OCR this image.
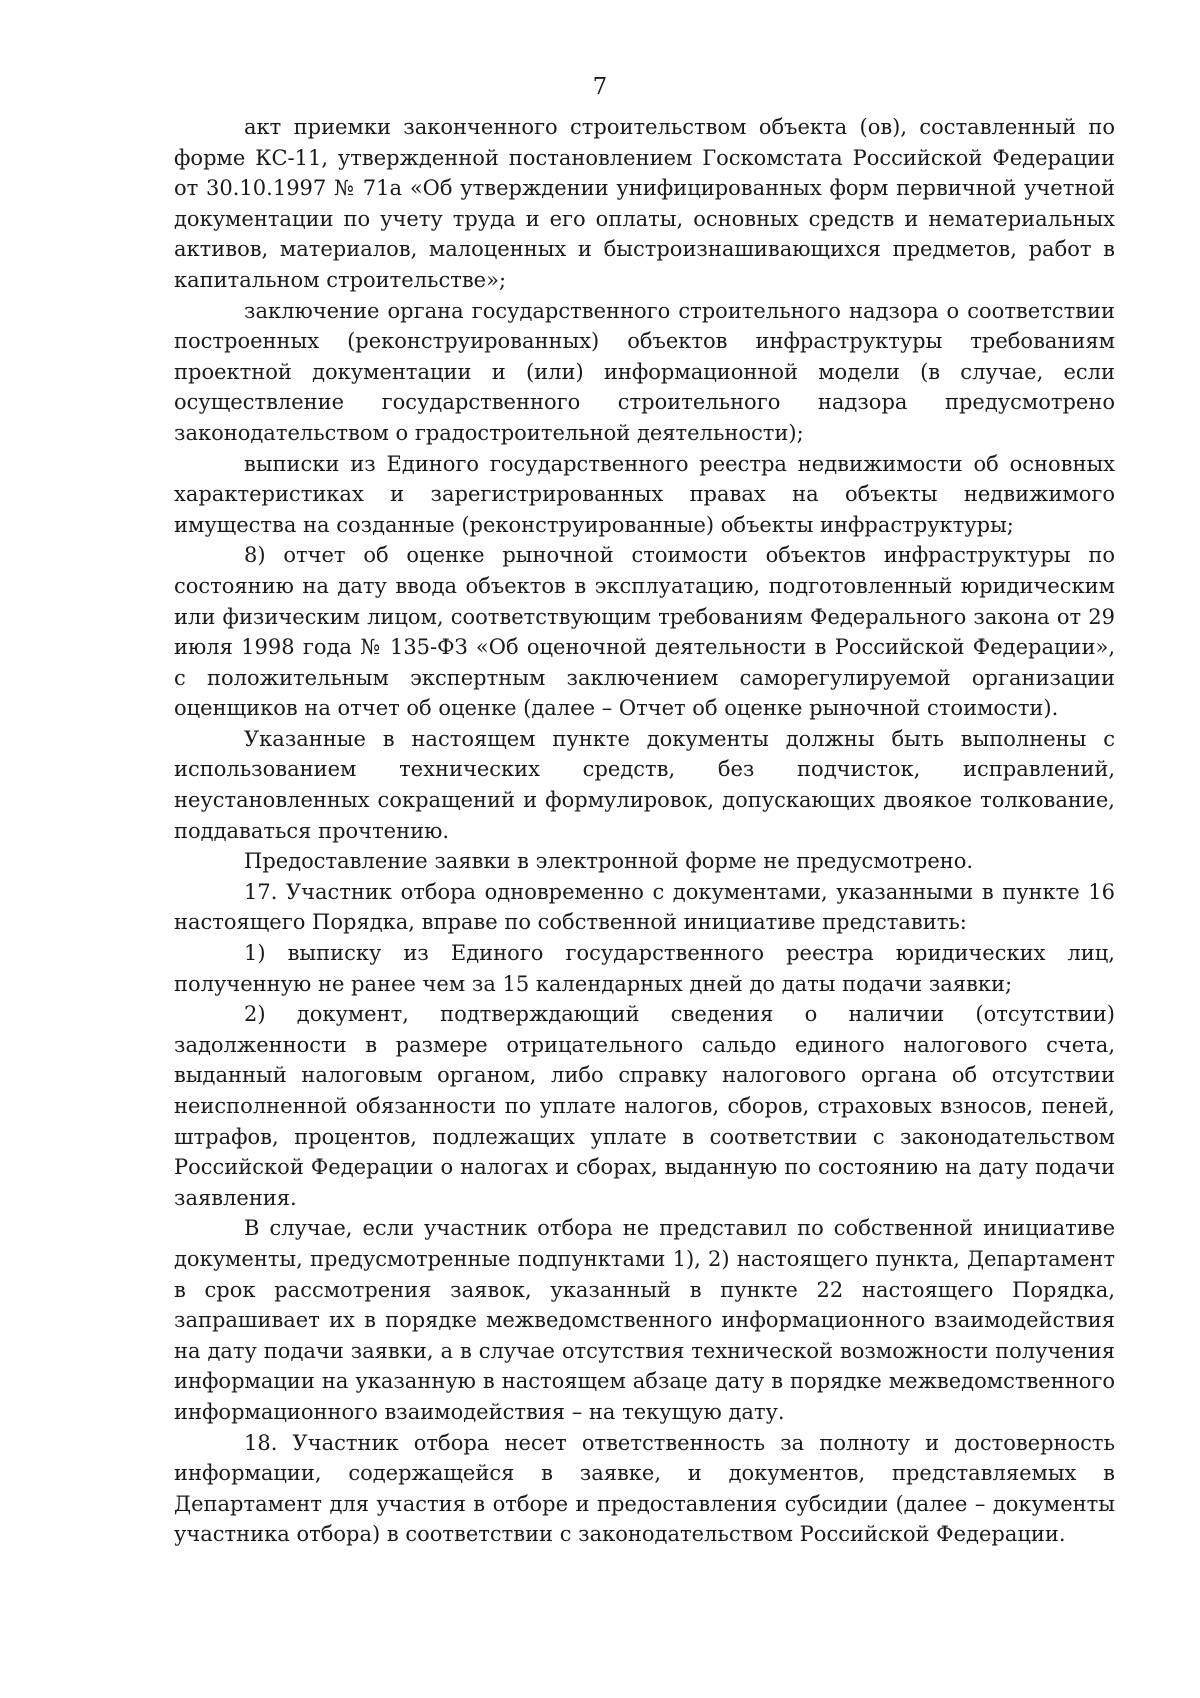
7

акт приемки законченного строительством объекта (ов), составленный по форме КС-11, утвержденной постановлением Госкомстата Российской Федерации от 30.10.1997 № 71а «Об утверждении унифицированных форм первичной учетной документации по учету труда и его оплаты, основных средств и нематериальных активов, материалов, малоценных и быстроизнашивающихся предметов, работ в капитальном строительстве»;

заключение органа государственного строительного надзора о соответствии построенных (реконструированных) объектов инфраструктуры требованиям проектной документации и (или) информационной модели (в случае, если осуществление государственного строительного надзора предусмотрено законодательством о градостроительной деятельности);

выписки из Единого государственного реестра недвижимости об основных характеристиках и зарегистрированных правах на объекты недвижимого имущества на созданные (реконструированные) объекты инфраструктуры;

8) отчет об оценке рыночной стоимости объектов инфраструктуры по состоянию на дату ввода объектов в эксплуатацию, подготовленный юридическим или физическим лицом, соответствующим требованиям Федерального закона от 29 июля 1998 года № 135-ФЗ «Об оценочной деятельности в Российской Федерации», с положительным экспертным заключением саморегулируемой организации оценщиков на отчет об оценке (далее – Отчет об оценке рыночной стоимости).

Указанные в настоящем пункте документы должны быть выполнены с использованием технических средств, без подчисток, исправлений, неустановленных сокращений и формулировок, допускающих двоякое толкование, поддаваться прочтению.

Предоставление заявки в электронной форме не предусмотрено.

17. Участник отбора одновременно с документами, указанными в пункте 16 настоящего Порядка, вправе по собственной инициативе представить:

1) выписку из Единого государственного реестра юридических лиц, полученную не ранее чем за 15 календарных дней до даты подачи заявки;

2) документ, подтверждающий сведения о наличии (отсутствии) задолженности в размере отрицательного сальдо единого налогового счета, выданный налоговым органом, либо справку налогового органа об отсутствии неисполненной обязанности по уплате налогов, сборов, страховых взносов, пеней, штрафов, процентов, подлежащих уплате в соответствии с законодательством Российской Федерации о налогах и сборах, выданную по состоянию на дату подачи заявления.

В случае, если участник отбора не представил по собственной инициативе документы, предусмотренные подпунктами 1), 2) настоящего пункта, Департамент в срок рассмотрения заявок, указанный в пункте 22 настоящего Порядка, запрашивает их в порядке межведомственного информационного взаимодействия на дату подачи заявки, а в случае отсутствия технической возможности получения информации на указанную в настоящем абзаце дату в порядке межведомственного информационного взаимодействия – на текущую дату.

18. Участник отбора несет ответственность за полноту и достоверность информации, содержащейся в заявке, и документов, представляемых в Департамент для участия в отборе и предоставления субсидии (далее – документы участника отбора) в соответствии с законодательством Российской Федерации.
